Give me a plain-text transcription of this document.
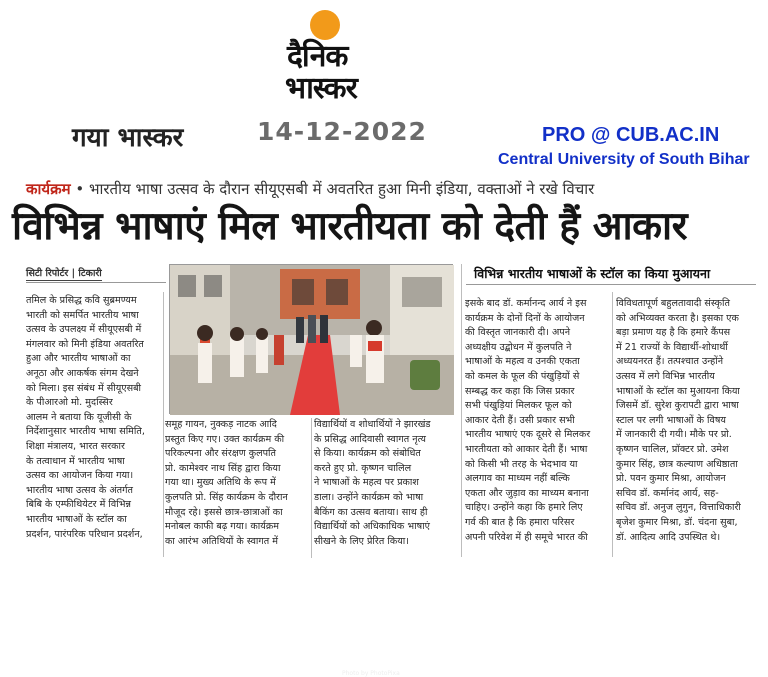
दैनिक
भास्कर
गया भास्कर	14-12-2022	PRO @ CUB.AC.IN
Central University of South Bihar
कार्यक्रम • भारतीय भाषा उत्सव के दौरान सीयूएसबी में अवतरित हुआ मिनी इंडिया, वक्ताओं ने रखे विचार
विभिन्न भाषाएं मिल भारतीयता को देती हैं आकार
सिटी रिपोर्टर | टिकारी	विभिन्न भारतीय भाषाओं के स्टॉल का किया मुआयना
Photo by PhotoPixa

तमिल के प्रसिद्ध कवि सुब्रमण्यम

भारती को समर्पित भारतीय भाषा

उत्सव के उपलक्ष्य में सीयूएसबी में

मंगलवार को मिनी इंडिया अवतरित

हुआ और भारतीय भाषाओं का

अनूठा और आकर्षक संगम देखने

को मिला। इस संबंध में सीयूएसबी

के पीआरओ मो. मुदस्सिर

आलम ने बताया कि यूजीसी के

निर्देशानुसार भारतीय भाषा समिति,

शिक्षा मंत्रालय, भारत सरकार

के तत्वाधान में भारतीय भाषा

उत्सव का आयोजन किया गया।

भारतीय भाषा उत्सव के अंतर्गत

बिबि के एम्फीथियेटर में विभिन्न

भारतीय भाषाओं के स्टॉल का

प्रदर्शन, पारंपरिक परिधान प्रदर्शन,

समूह गायन, नुक्कड़ नाटक आदि

प्रस्तुत किए गए। उक्त कार्यक्रम की

परिकल्पना और संरक्षण कुलपति

प्रो. कामेश्वर नाथ सिंह द्वारा किया

गया था। मुख्य अतिथि के रूप में

कुलपति प्रो. सिंह कार्यक्रम के दौरान

मौजूद रहे। इससे छात्र-छात्राओं का

मनोबल काफी बढ़ गया। कार्यक्रम

का आरंभ अतिथियों के स्वागत में

विद्यार्थियों व शोधार्थियों ने झारखंड

के प्रसिद्ध आदिवासी स्वागत नृत्य

से किया। कार्यक्रम को संबोधित

करते हुए प्रो. कृष्णन चालिल

ने भाषाओं के महत्व पर प्रकाश

डाला। उन्होंने कार्यक्रम को भाषा

बैकिंग का उत्सव बताया। साथ ही

विद्यार्थियों को अधिकाधिक भाषाएं

सीखने के लिए प्रेरित किया।

इसके बाद डॉ. कर्मानन्द आर्य ने इस

कार्यक्रम के दोनों दिनों के आयोजन

की विस्तृत जानकारी दी। अपने

अध्यक्षीय उद्बोधन में कुलपति ने

भाषाओं के महत्व व उनकी एकता

को कमल के फूल की पंखुड़ियों से

सम्बद्ध कर कहा कि जिस प्रकार

सभी पंखुड़ियां मिलकर फूल को

आकार देती हैं। उसी प्रकार सभी

भारतीय भाषाएं एक दूसरे से मिलकर

भारतीयता को आकार देती हैं। भाषा

को किसी भी तरह के भेदभाव या

अलगाव का माध्यम नहीं बल्कि

एकता और जुड़ाव का माध्यम बनाना

चाहिए। उन्होंने कहा कि हमारे लिए

गर्व की बात है कि हमारा परिसर

अपनी परिवेश में ही समूचे भारत की

विविधतापूर्ण बहुलतावादी संस्कृति

को अभिव्यक्त करता है। इसका एक

बड़ा प्रमाण यह है कि हमारे कैंपस

में 21 राज्यों के विद्यार्थी-शोधार्थी

अध्ययनरत हैं। तत्पश्चात उन्होंने

उत्सव में लगे विभिन्न भारतीय

भाषाओं के स्टॉल का मुआयना किया

जिसमें डॉ. सुरेश कुरापटी द्वारा भाषा

स्टाल पर लगी भाषाओं के विषय

में जानकारी दी गयी। मौके पर प्रो.

कृष्णन चालिल, प्रॉक्टर प्रो. उमेश

कुमार सिंह, छात्र कल्याण अधिष्ठाता

प्रो. पवन कुमार मिश्रा, आयोजन

सचिव डॉ. कर्मानंद आर्य, सह-

सचिव डॉ. अनुज लुगुन, वित्ताधिकारी

बृजेश कुमार मिश्रा, डॉ. चंदना सुबा,

डॉ. आदित्य आदि उपस्थित थे।
